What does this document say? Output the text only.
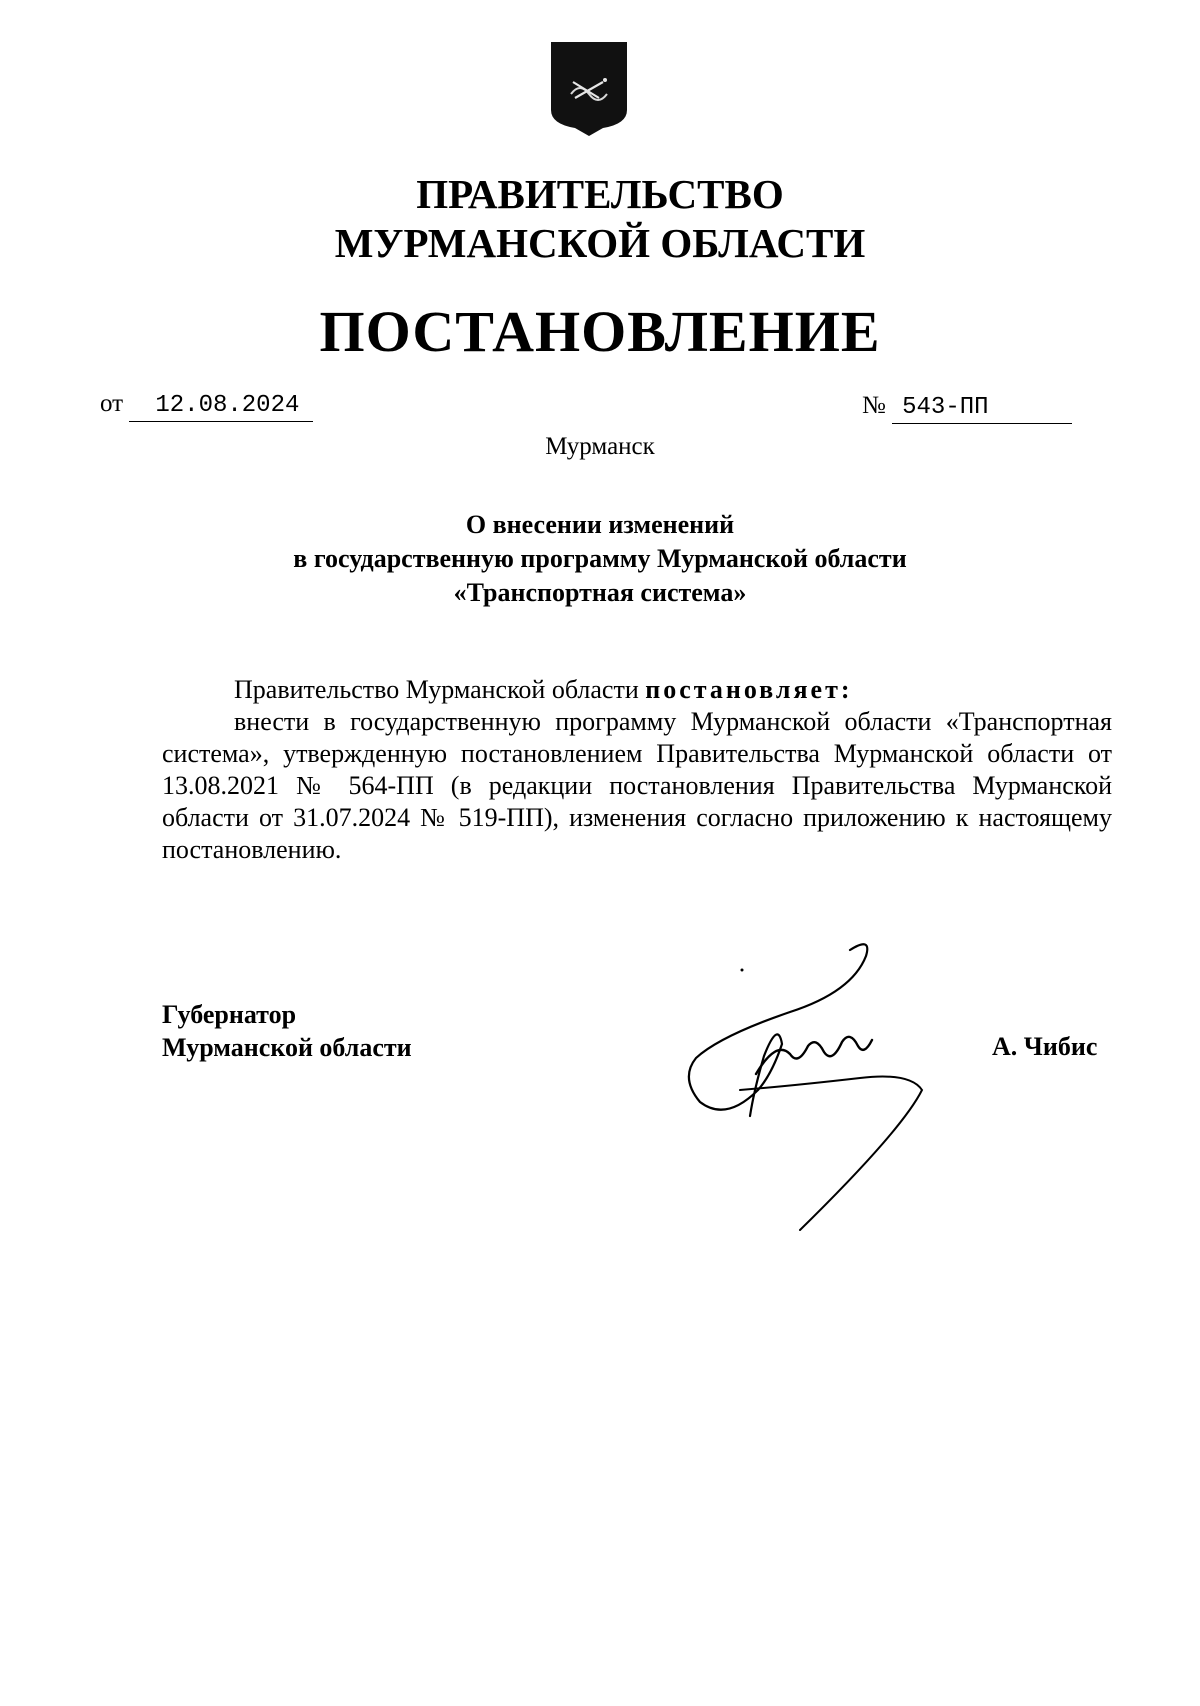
ПРАВИТЕЛЬСТВО
МУРМАНСКОЙ ОБЛАСТИ
ПОСТАНОВЛЕНИЕ
от 12.08.2024	№ 543-ПП
Мурманск
О внесении изменений
в государственную программу Мурманской области
«Транспортная система»

Правительство Мурманской области постановляет:

внести в государственную программу Мурманской области «Транспортная система», утвержденную постановлением Правительства Мурманской области от 13.08.2021 № 564-ПП (в редакции постановления Правительства Мурманской области от 31.07.2024 № 519-ПП), изменения согласно приложению к настоящему постановлению.

Губернатор
Мурманской области	А. Чибис
